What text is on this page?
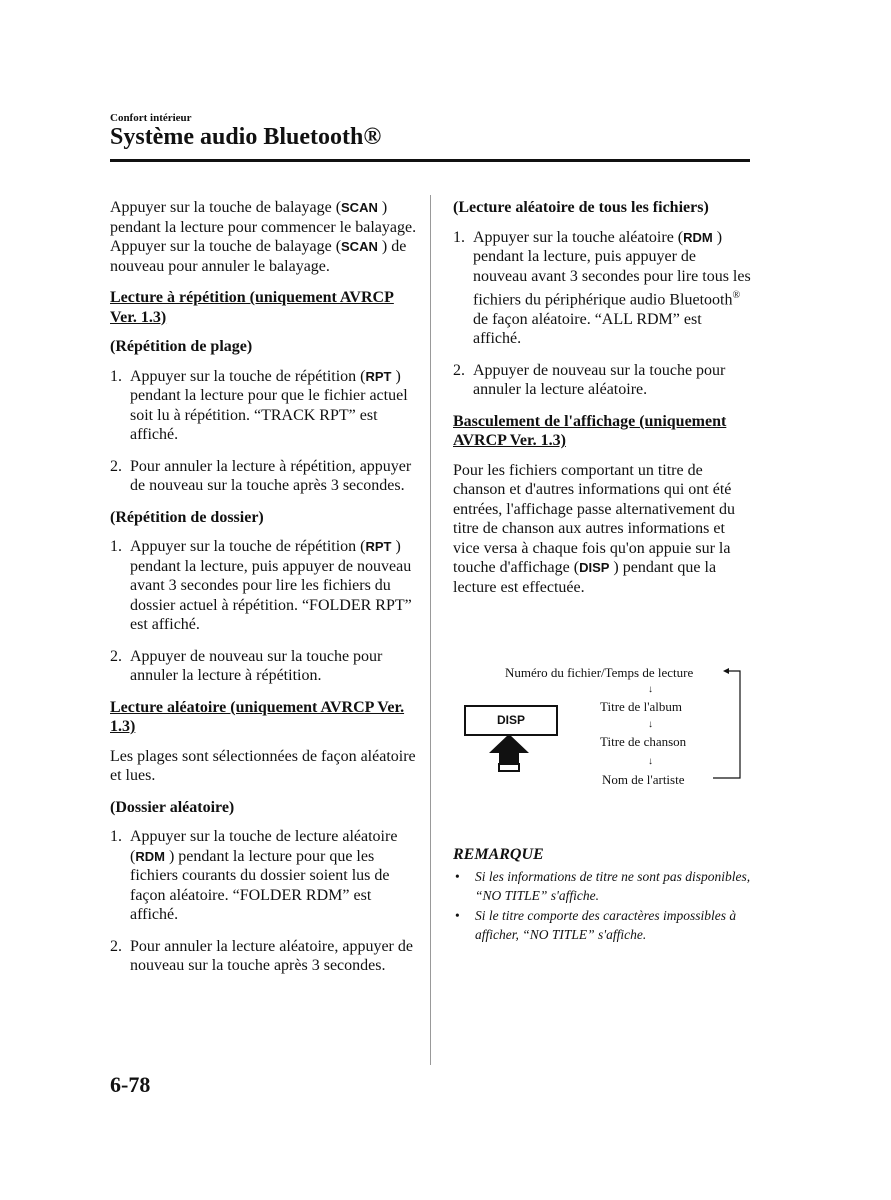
Confort intérieur
Système audio Bluetooth®

Appuyer sur la touche de balayage (SCAN ) pendant la lecture pour commencer le balayage.

Appuyer sur la touche de balayage (SCAN ) de nouveau pour annuler le balayage.

Lecture à répétition (uniquement AVRCP Ver. 1.3)

(Répétition de plage)

1. Appuyer sur la touche de répétition (RPT ) pendant la lecture pour que le fichier actuel soit lu à répétition. “TRACK RPT” est affiché.
2. Pour annuler la lecture à répétition, appuyer de nouveau sur la touche après 3 secondes.

(Répétition de dossier)

1. Appuyer sur la touche de répétition (RPT ) pendant la lecture, puis appuyer de nouveau avant 3 secondes pour lire les fichiers du dossier actuel à répétition. “FOLDER RPT” est affiché.
2. Appuyer de nouveau sur la touche pour annuler la lecture à répétition.

Lecture aléatoire (uniquement AVRCP Ver. 1.3)

Les plages sont sélectionnées de façon aléatoire et lues.

(Dossier aléatoire)

1. Appuyer sur la touche de lecture aléatoire (RDM ) pendant la lecture pour que les fichiers courants du dossier soient lus de façon aléatoire. “FOLDER RDM” est affiché.
2. Pour annuler la lecture aléatoire, appuyer de nouveau sur la touche après 3 secondes.

(Lecture aléatoire de tous les fichiers)

1. Appuyer sur la touche aléatoire (RDM ) pendant la lecture, puis appuyer de nouveau avant 3 secondes pour lire tous les fichiers du périphérique audio Bluetooth® de façon aléatoire. “ALL RDM” est affiché.
2. Appuyer de nouveau sur la touche pour annuler la lecture aléatoire.

Basculement de l'affichage (uniquement AVRCP Ver. 1.3)

Pour les fichiers comportant un titre de chanson et d'autres informations qui ont été entrées, l'affichage passe alternativement du titre de chanson aux autres informations et vice versa à chaque fois qu'on appuie sur la touche d'affichage (DISP ) pendant que la lecture est effectuée.

DISP
Numéro du fichier/Temps de lecture
↓
Titre de l'album
↓
Titre de chanson
↓
Nom de l'artiste
REMARQUE
•	Si les informations de titre ne sont pas disponibles, “NO TITLE” s'affiche.
•	Si le titre comporte des caractères impossibles à afficher, “NO TITLE” s'affiche.
6-78
